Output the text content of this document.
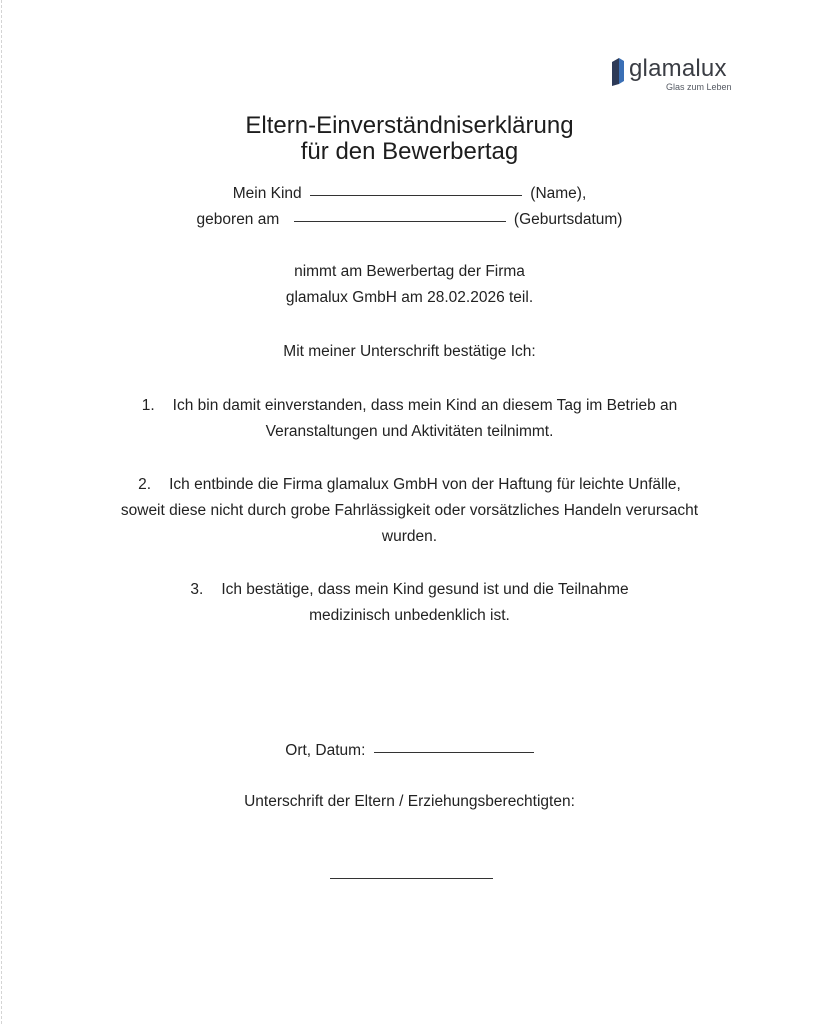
glamalux
Glas zum Leben
Eltern-Einverständniserklärung
für den Bewerbertag
Mein Kind	(Name),
geboren am	(Geburtsdatum)
nimmt am Bewerbertag der Firma
glamalux GmbH am 28.02.2026 teil.
Mit meiner Unterschrift bestätige Ich:
1. Ich bin damit einverstanden, dass mein Kind an diesem Tag im Betrieb an
Veranstaltungen und Aktivitäten teilnimmt.
2. Ich entbinde die Firma glamalux GmbH von der Haftung für leichte Unfälle,
soweit diese nicht durch grobe Fahrlässigkeit oder vorsätzliches Handeln verursacht
wurden.
3. Ich bestätige, dass mein Kind gesund ist und die Teilnahme
medizinisch unbedenklich ist.
Ort, Datum:
Unterschrift der Eltern / Erziehungsberechtigten:
